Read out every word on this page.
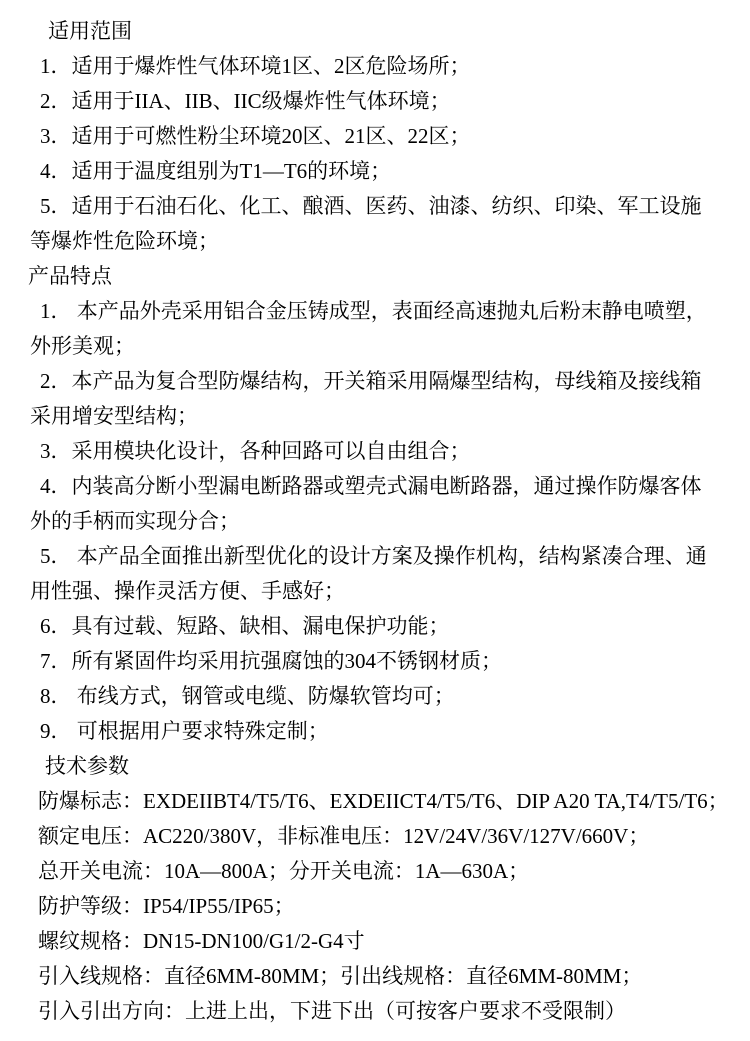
适用范围
1．适用于爆炸性气体环境1区、2区危险场所；
2．适用于IIA、IIB、IIC级爆炸性气体环境；
3．适用于可燃性粉尘环境20区、21区、22区；
4．适用于温度组别为T1—T6的环境；
5．适用于石油石化、化工、酿酒、医药、油漆、纺织、印染、军工设施
等爆炸性危险环境；
产品特点
1． 本产品外壳采用铝合金压铸成型，表面经高速抛丸后粉末静电喷塑，
外形美观；
2．本产品为复合型防爆结构，开关箱采用隔爆型结构，母线箱及接线箱
采用增安型结构；
3．采用模块化设计，各种回路可以自由组合；
4．内装高分断小型漏电断路器或塑壳式漏电断路器，通过操作防爆客体
外的手柄而实现分合；
5． 本产品全面推出新型优化的设计方案及操作机构，结构紧凑合理、通
用性强、操作灵活方便、手感好；
6．具有过载、短路、缺相、漏电保护功能；
7．所有紧固件均采用抗强腐蚀的304不锈钢材质；
8． 布线方式，钢管或电缆、防爆软管均可；
9． 可根据用户要求特殊定制；
技术参数
防爆标志：EXDEIIBT4/T5/T6、EXDEIICT4/T5/T6、DIP A20 TA,T4/T5/T6；
额定电压：AC220/380V，非标准电压：12V/24V/36V/127V/660V；
总开关电流：10A—800A；分开关电流：1A—630A；
防护等级：IP54/IP55/IP65；
螺纹规格：DN15-DN100/G1/2-G4寸
引入线规格：直径6MM-80MM；引出线规格：直径6MM-80MM；
引入引出方向：上进上出，下进下出（可按客户要求不受限制）
